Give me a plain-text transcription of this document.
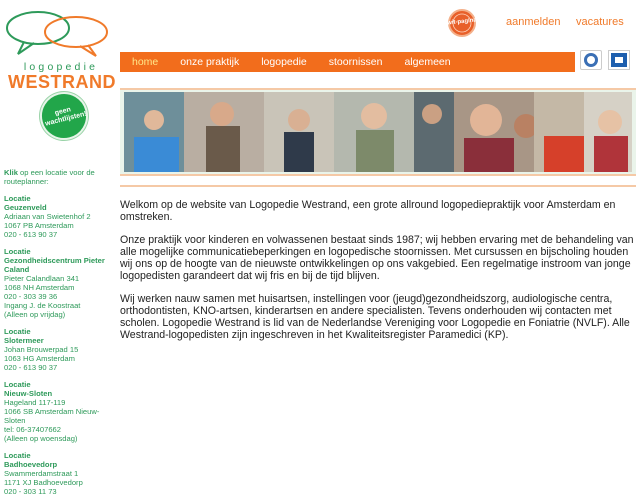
logopedie
WESTRAND
geen wachtlijsten!
Klik op een locatie voor de routeplanner:
Locatie
Geuzenveld
Adriaan van Swietenhof 2
1067 PB Amsterdam
020 - 613 90 37
Locatie
Gezondheidscentrum Pieter Caland
Pieter Calandlaan 341
1068 NH Amsterdam
020 - 303 39 36
Ingang J. de Koostraat
(Alleen op vrijdag)
Locatie
Slotermeer
Johan Brouwerpad 15
1063 HG Amsterdam
020 - 613 90 37
Locatie
Nieuw-Sloten
Hageland 117-119
1066 SB Amsterdam Nieuw-Sloten
tel: 06-37407662
(Alleen op woensdag)
Locatie
Badhoevedorp
Swammerdamstraat 1
1171 XJ Badhoevedorp
020 - 303 11 73
wit-pagina	aanmelden vacatures
home onze praktijk logopedie stoornissen algemeen

Welkom op de website van Logopedie Westrand, een grote allround logopediepraktijk voor Amsterdam en omstreken.

Onze praktijk voor kinderen en volwassenen bestaat sinds 1987; wij hebben ervaring met de behandeling van alle mogelijke communicatiebeperkingen en logopedische stoornissen. Met cursussen en bijscholing houden wij ons op de hoogte van de nieuwste ontwikkelingen op ons vakgebied. Een regelmatige instroom van jonge logopedisten garandeert dat wij fris en bij de tijd blijven.

Wij werken nauw samen met huisartsen, instellingen voor (jeugd)gezondheidszorg, audiologische centra, orthodontisten, KNO-artsen, kinderartsen en andere specialisten. Tevens onderhouden wij contacten met scholen. Logopedie Westrand is lid van de Nederlandse Vereniging voor Logopedie en Foniatrie (NVLF). Alle Westrand-logopedisten zijn ingeschreven in het Kwaliteitsregister Paramedici (KP).
